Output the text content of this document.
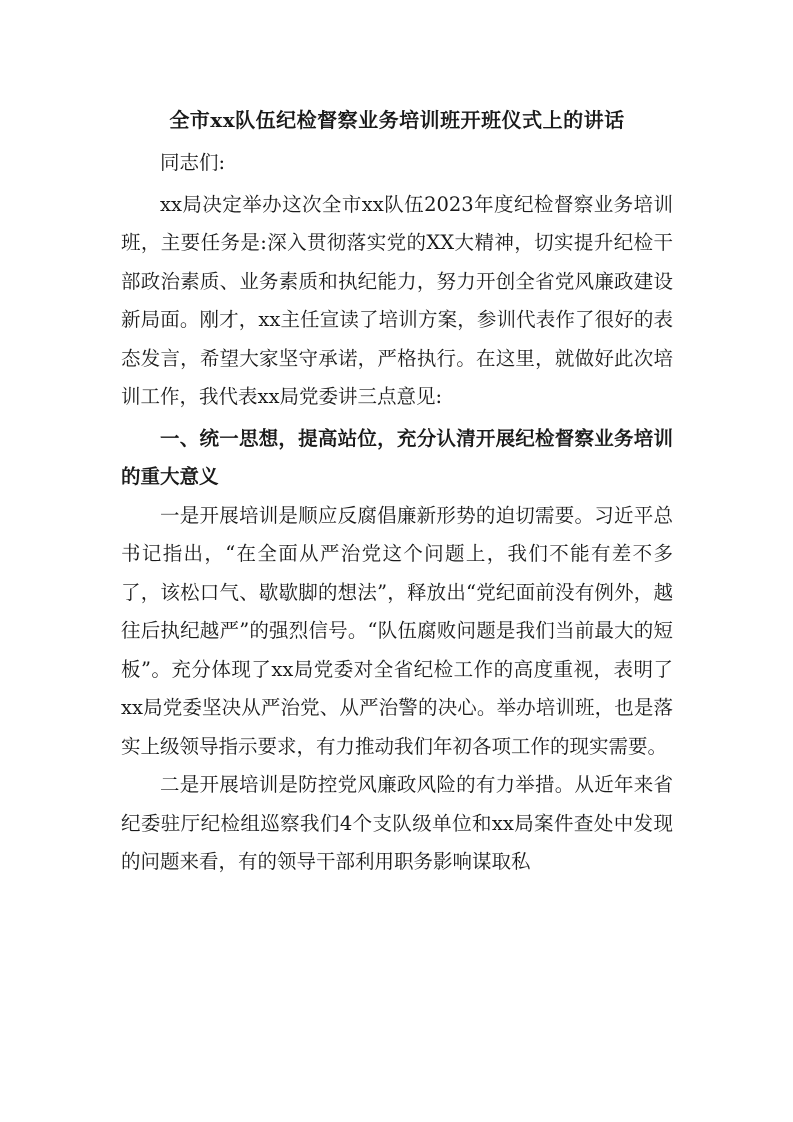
全市xx队伍纪检督察业务培训班开班仪式上的讲话

同志们:

xx局决定举办这次全市xx队伍2023年度纪检督察业务培训班，主要任务是:深入贯彻落实党的XX大精神，切实提升纪检干部政治素质、业务素质和执纪能力，努力开创全省党风廉政建设新局面。刚才，xx主任宣读了培训方案，参训代表作了很好的表态发言，希望大家坚守承诺，严格执行。在这里，就做好此次培训工作，我代表xx局党委讲三点意见:

一、统一思想，提高站位，充分认清开展纪检督察业务培训的重大意义

一是开展培训是顺应反腐倡廉新形势的迫切需要。习近平总书记指出，“在全面从严治党这个问题上，我们不能有差不多了，该松口气、歇歇脚的想法”，释放出“党纪面前没有例外，越往后执纪越严”的强烈信号。“队伍腐败问题是我们当前最大的短板”。充分体现了xx局党委对全省纪检工作的高度重视，表明了xx局党委坚决从严治党、从严治警的决心。举办培训班，也是落实上级领导指示要求，有力推动我们年初各项工作的现实需要。

二是开展培训是防控党风廉政风险的有力举措。从近年来省纪委驻厅纪检组巡察我们4个支队级单位和xx局案件查处中发现的问题来看，有的领导干部利用职务影响谋取私
